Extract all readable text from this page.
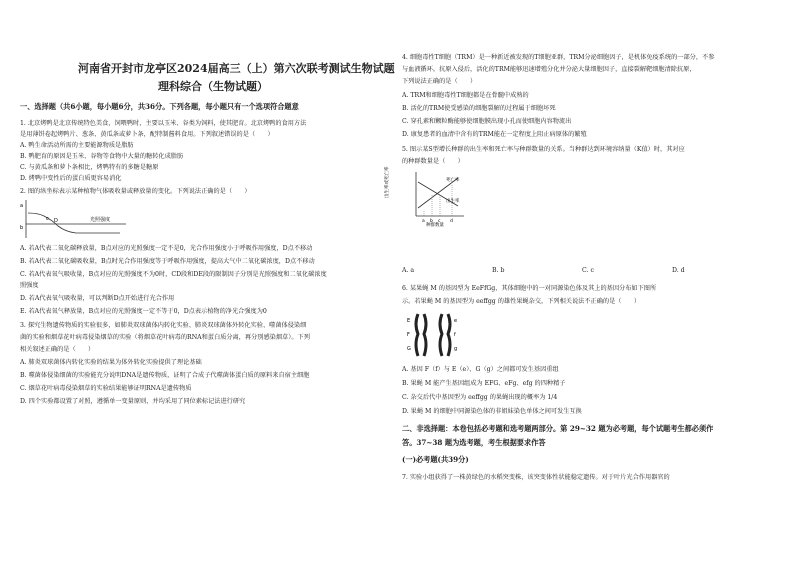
河南省开封市龙亭区2024届高三（上）第六次联考测试生物试题
理科综合（生物试题）
一、选择题（共6小题，每小题6分，共36分。下列各题，每小题只有一个选项符合题意
1. 北京烤鸭是北京传统特色美食，饲喂鸭时，主要以玉米、谷类为饲料，使其肥育。北京烤鸭的食用方法
是用薄饼卷起烤鸭片、葱条、黄瓜条或萝卜条，配特制酱料食用。下列叙述错误的是（　　）
A. 鸭生命活动所需的主要能源物质是脂肪
B. 鸭肥育的原因是玉米、谷物等食物中大量的糖转化成脂肪
C. 与黄瓜条和萝卜条相比，烤鸭特有的多糖是糖原
D. 烤鸭中变性后的蛋白质更容易消化
2. 图的纵坐标表示某种植物气体吸收量或释放量的变化。下列说法正确的是（　　）
a
b
c D	光照强度
A. 若A代表二氧化碳释放量，B点对应的光照强度一定不是0，光合作用强度小于呼吸作用强度，D点不移动
B. 若A代表二氧化碳吸收量，B点时光合作用强度等于呼吸作用强度，提高大气中二氧化碳浓度，D点不移动
C. 若A代表氧气吸收量，B点对应的光照强度不为0时，CD段和DE段的限制因子分别是光照强度和二氧化碳浓度
照强度
D. 若A代表氧气吸收量，可以判断D点开始进行光合作用
E. 若A代表氧气释放量，B点对应的光照强度一定不等于0，D点表示植物的净光合强度为0
3. 探究生物遗传物质的实验很多，如肺炎双球菌体内转化实验、肺炎双球菌体外转化实验、噬菌体侵染细
菌的实验和烟草花叶病毒侵染烟草的实验（将烟草花叶病毒的RNA和蛋白质分离，再分别感染烟草）。下列
相关叙述正确的是（　　）
A. 肺炎双球菌体内转化实验的结果为体外转化实验提供了理论基础
B. 噬菌体侵染细菌的实验能充分说明DNA是遗传物质，证明了合成子代噬菌体蛋白质的原料来自宿主细胞
C. 烟草花叶病毒侵染烟草的实验结果能够证明RNA是遗传物质
D. 四个实验都设置了对照，遵循单一变量原则，并均采用了同位素标记法进行研究
4. 细胞毒性T细胞（TRM）是一种新近被发现的T细胞亚群，TRM分泌细胞因子，是机体免疫系统的一部分，不参
与血液循环。抗原入侵后，活化的TRM能够迅速增殖分化并分泌大量细胞因子，直接裂解靶细胞清除抗原，
下列说法正确的是（　　）
A. TRM和细胞毒性T细胞都是在骨髓中成熟的
B. 活化的TRM使受感染的细胞裂解的过程属于细胞坏死
C. 穿孔素和颗粒酶能够使细胞膜出现小孔而使细胞内容物流出
D. 康复患者的血清中含有的TRM能在一定程度上阻止病原体的繁殖
5. 图示某S型增长种群的出生率和死亡率与种群数量的关系。当种群达到环境容纳量（K值）时，其对应
的种群数量是（　　）
出生率或死亡率	死亡率
出生率
a b c d
种群数量
A. a	B. b	C. c	D. d
6. 某果蝇 M 的基因型为 EeFfGg，其体细胞中的一对同源染色体及其上的基因分布如下图所
示。若果蝇 M 的基因型为 eeffgg 的雄性果蝇杂交，下列相关说法不正确的是（　　）
E	e
F	f
G	g
A. 基因 F（f）与 E（e）、G（g）之间都可发生基因重组
B. 果蝇 M 能产生基因组成为 EFG、eFg、efg 的四种精子
C. 杂交后代中基因型为 eeffgg 的果蝇出现的概率为 1/4
D. 果蝇 M 的细胞中同源染色体的非姐妹染色单体之间可发生互换
二、非选择题：本卷包括必考题和选考题两部分。第 29~32 题为必考题，每个试题考生都必须作
答。37~38 题为选考题，考生根据要求作答
(一)必考题(共39分)
7. 实验小组获得了一株黄绿色的水稻突变株，该突变体性状能稳定遗传。对于叶片光合作用器官的
